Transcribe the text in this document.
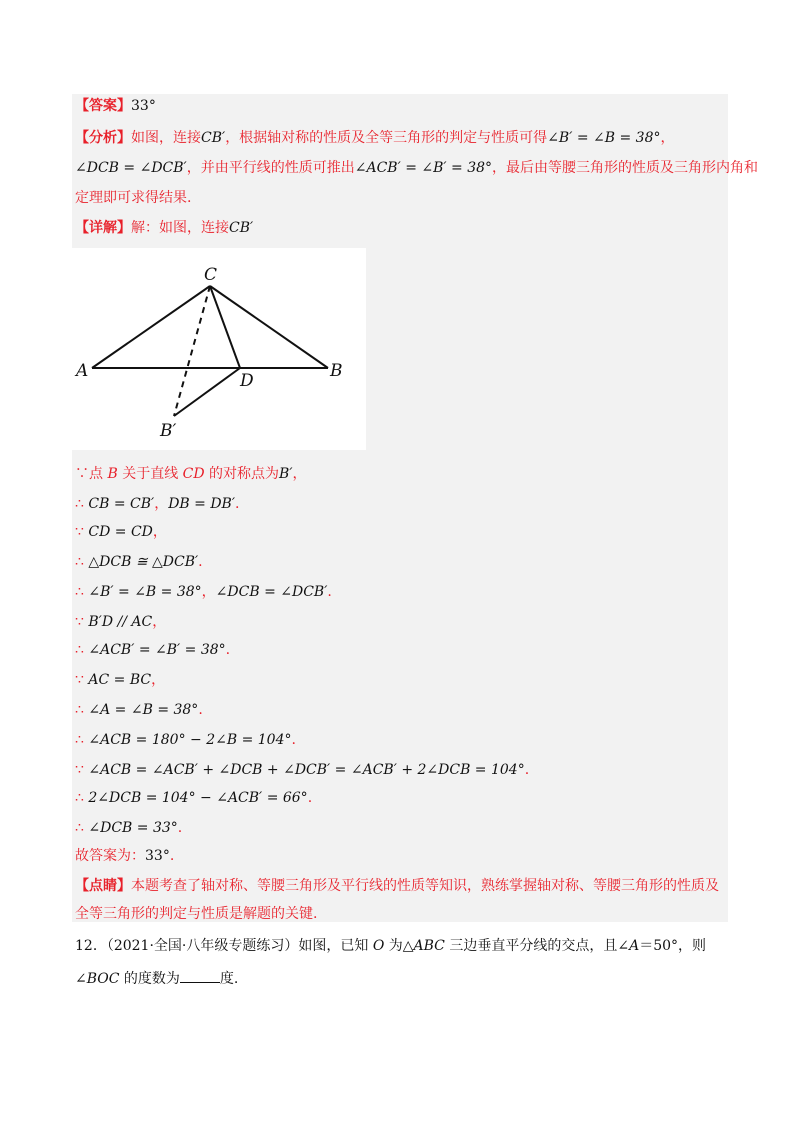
【答案】33°
【分析】如图，连接CB′，根据轴对称的性质及全等三角形的判定与性质可得∠B′ = ∠B = 38°，
∠DCB = ∠DCB′，并由平行线的性质可推出∠ACB′ = ∠B′ = 38°，最后由等腰三角形的性质及三角形内角和
定理即可求得结果.
【详解】解：如图，连接CB′
C
A	B
D
B′
∵点 B 关于直线 CD 的对称点为B′，
∴ CB = CB′，DB = DB′.
∵ CD = CD，
∴ △DCB ≅ △DCB′.
∴ ∠B′ = ∠B = 38°，∠DCB = ∠DCB′.
∵ B′D // AC，
∴ ∠ACB′ = ∠B′ = 38°.
∵ AC = BC，
∴ ∠A = ∠B = 38°.
∴ ∠ACB = 180° − 2∠B = 104°.
∵ ∠ACB = ∠ACB′ + ∠DCB + ∠DCB′ = ∠ACB′ + 2∠DCB = 104°.
∴ 2∠DCB = 104° − ∠ACB′ = 66°.
∴ ∠DCB = 33°.
故答案为：33°.
【点睛】本题考查了轴对称、等腰三角形及平行线的性质等知识，熟练掌握轴对称、等腰三角形的性质及
全等三角形的判定与性质是解题的关键.
12．（2021·全国·八年级专题练习）如图，已知 O 为△ABC 三边垂直平分线的交点，且∠A＝50°，则
∠BOC 的度数为	度.
